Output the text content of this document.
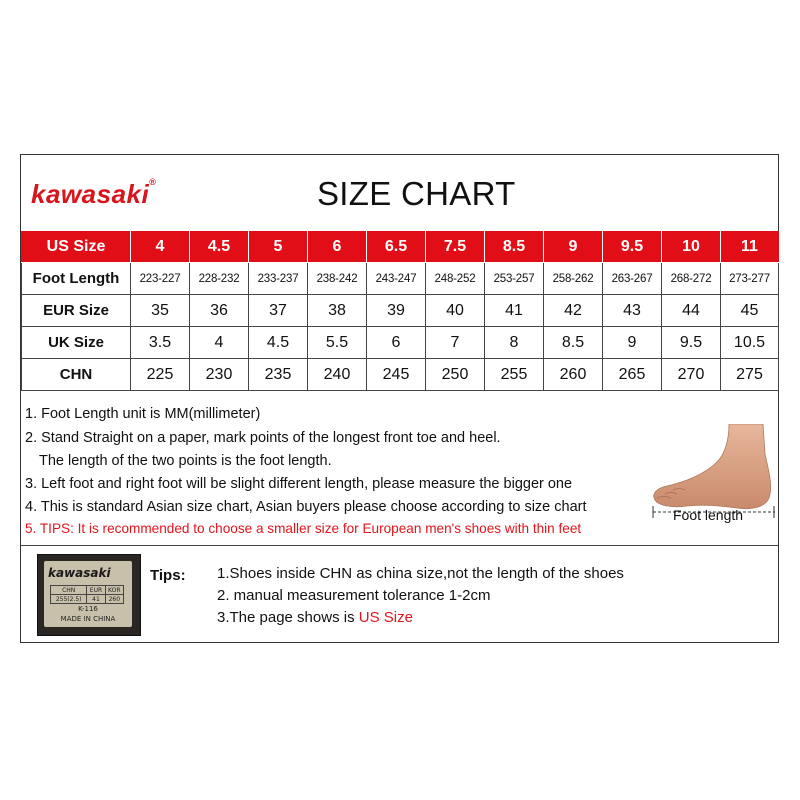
kawasaki®	SIZE CHART
US Size	4	4.5	5	6	6.5	7.5	8.5	9	9.5	10	11
Foot Length	223-227	228-232	233-237	238-242	243-247	248-252	253-257	258-262	263-267	268-272	273-277
EUR Size	35	36	37	38	39	40	41	42	43	44	45
UK Size	3.5	4	4.5	5.5	6	7	8	8.5	9	9.5	10.5
CHN	225	230	235	240	245	250	255	260	265	270	275
1. Foot Length unit is MM(millimeter)
2. Stand Straight on a paper, mark points of the longest front toe and heel.
The length of the two points is the foot length.
3. Left foot and right foot will be slight different length, please measure the bigger one
4. This is standard Asian size chart, Asian buyers please choose according to size chart
5. TIPS: It is recommended to choose a smaller size for European men's shoes with thin feet
Foot length
kawasaki
CHN	EUR	KOR
255(2.5)	41	260
K-116
MADE IN CHINA
Tips: 1.Shoes inside CHN as china size,not the length of the shoes
2. manual measurement tolerance 1-2cm
3.The page shows is US Size
